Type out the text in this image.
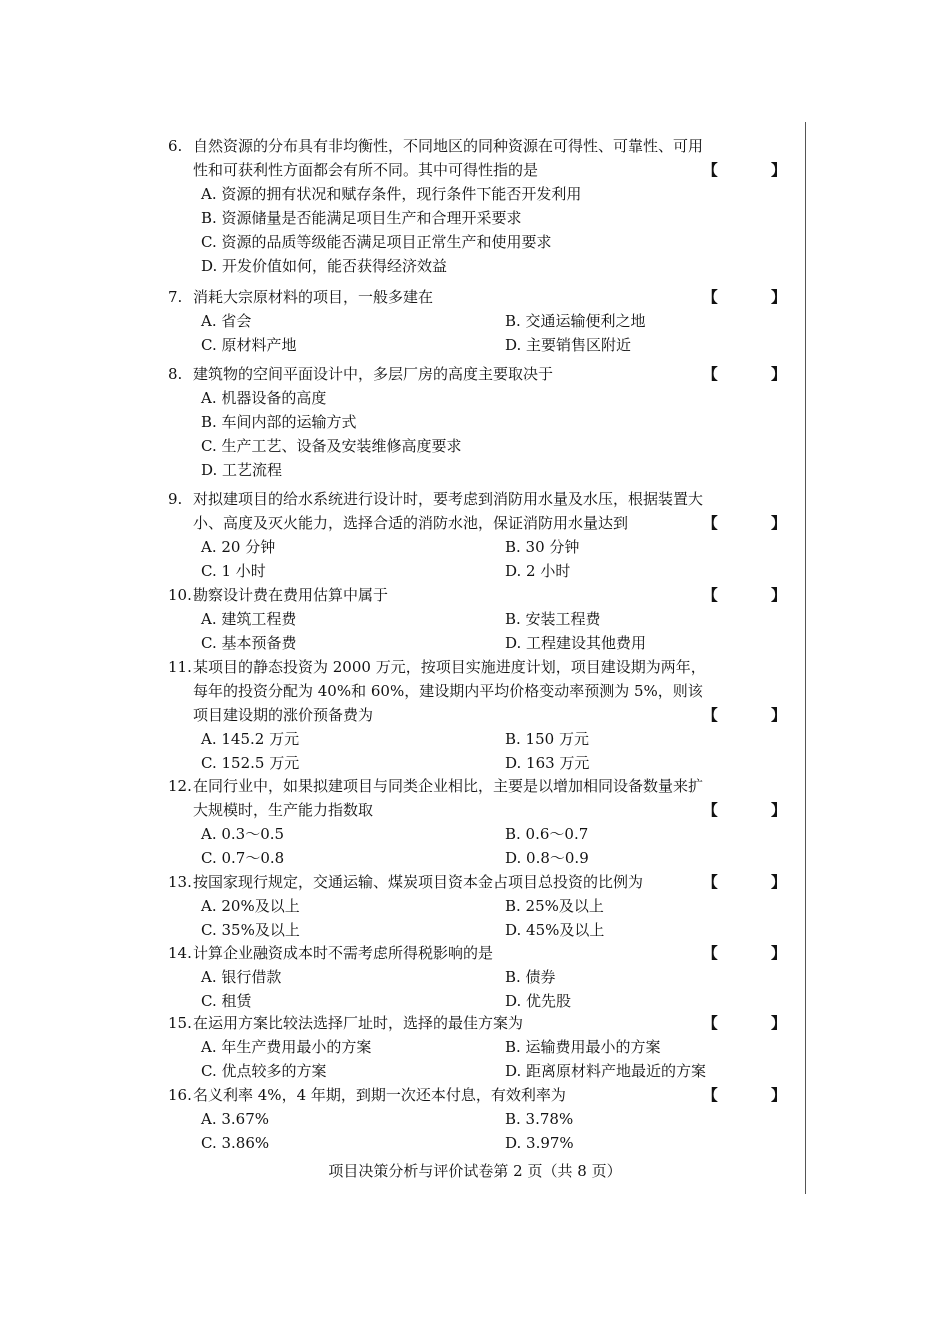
6. 自然资源的分布具有非均衡性，不同地区的同种资源在可得性、可靠性、可用
性和可获利性方面都会有所不同。其中可得性指的是	【 】
A. 资源的拥有状况和赋存条件，现行条件下能否开发利用
B. 资源储量是否能满足项目生产和合理开采要求
C. 资源的品质等级能否满足项目正常生产和使用要求
D. 开发价值如何，能否获得经济效益
7. 消耗大宗原材料的项目，一般多建在	【 】
A. 省会	B. 交通运输便利之地
C. 原材料产地	D. 主要销售区附近
8. 建筑物的空间平面设计中，多层厂房的高度主要取决于	【 】
A. 机器设备的高度
B. 车间内部的运输方式
C. 生产工艺、设备及安装维修高度要求
D. 工艺流程
9. 对拟建项目的给水系统进行设计时，要考虑到消防用水量及水压，根据装置大
小、高度及灭火能力，选择合适的消防水池，保证消防用水量达到	【 】
A. 20 分钟	B. 30 分钟
C. 1 小时	D. 2 小时
10.勘察设计费在费用估算中属于	【 】
A. 建筑工程费	B. 安装工程费
C. 基本预备费	D. 工程建设其他费用
11.某项目的静态投资为 2000 万元，按项目实施进度计划，项目建设期为两年，
每年的投资分配为 40%和 60%，建设期内平均价格变动率预测为 5%，则该
项目建设期的涨价预备费为	【 】
A. 145.2 万元	B. 150 万元
C. 152.5 万元	D. 163 万元
12.在同行业中，如果拟建项目与同类企业相比，主要是以增加相同设备数量来扩
大规模时，生产能力指数取	【 】
A. 0.3～0.5	B. 0.6～0.7
C. 0.7～0.8	D. 0.8～0.9
13.按国家现行规定，交通运输、煤炭项目资本金占项目总投资的比例为	【 】
A. 20%及以上	B. 25%及以上
C. 35%及以上	D. 45%及以上
14.计算企业融资成本时不需考虑所得税影响的是	【 】
A. 银行借款	B. 债券
C. 租赁	D. 优先股
15.在运用方案比较法选择厂址时，选择的最佳方案为	【 】
A. 年生产费用最小的方案	B. 运输费用最小的方案
C. 优点较多的方案	D. 距离原材料产地最近的方案
16.名义利率 4%，4 年期，到期一次还本付息，有效利率为	【 】
A. 3.67%	B. 3.78%
C. 3.86%	D. 3.97%
项目决策分析与评价试卷第 2 页（共 8 页）
